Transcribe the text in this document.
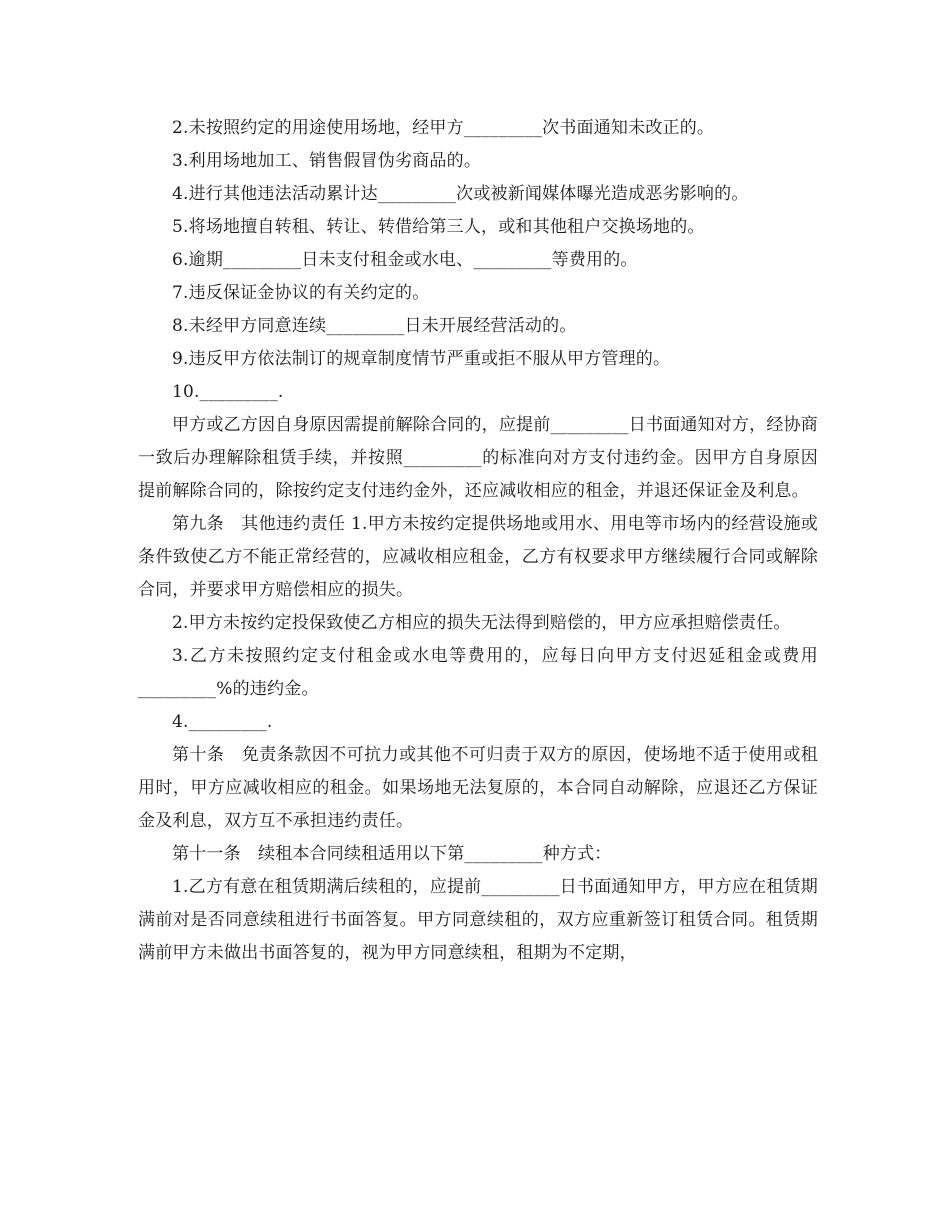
2.未按照约定的用途使用场地，经甲方_________次书面通知未改正的。

3.利用场地加工、销售假冒伪劣商品的。

4.进行其他违法活动累计达_________次或被新闻媒体曝光造成恶劣影响的。

5.将场地擅自转租、转让、转借给第三人，或和其他租户交换场地的。

6.逾期_________日未支付租金或水电、_________等费用的。

7.违反保证金协议的有关约定的。

8.未经甲方同意连续_________日未开展经营活动的。

9.违反甲方依法制订的规章制度情节严重或拒不服从甲方管理的。

10._________.

甲方或乙方因自身原因需提前解除合同的，应提前_________日书面通知对方，经协商一致后办理解除租赁手续，并按照_________的标准向对方支付违约金。因甲方自身原因提前解除合同的，除按约定支付违约金外，还应减收相应的租金，并退还保证金及利息。

第九条　其他违约责任 1.甲方未按约定提供场地或用水、用电等市场内的经营设施或条件致使乙方不能正常经营的，应减收相应租金，乙方有权要求甲方继续履行合同或解除合同，并要求甲方赔偿相应的损失。

2.甲方未按约定投保致使乙方相应的损失无法得到赔偿的，甲方应承担赔偿责任。

3.乙方未按照约定支付租金或水电等费用的，应每日向甲方支付迟延租金或费用_________%的违约金。

4._________.

第十条　免责条款因不可抗力或其他不可归责于双方的原因，使场地不适于使用或租用时，甲方应减收相应的租金。如果场地无法复原的，本合同自动解除，应退还乙方保证金及利息，双方互不承担违约责任。

第十一条　续租本合同续租适用以下第_________种方式：

1.乙方有意在租赁期满后续租的，应提前_________日书面通知甲方，甲方应在租赁期满前对是否同意续租进行书面答复。甲方同意续租的，双方应重新签订租赁合同。租赁期满前甲方未做出书面答复的，视为甲方同意续租，租期为不定期，
